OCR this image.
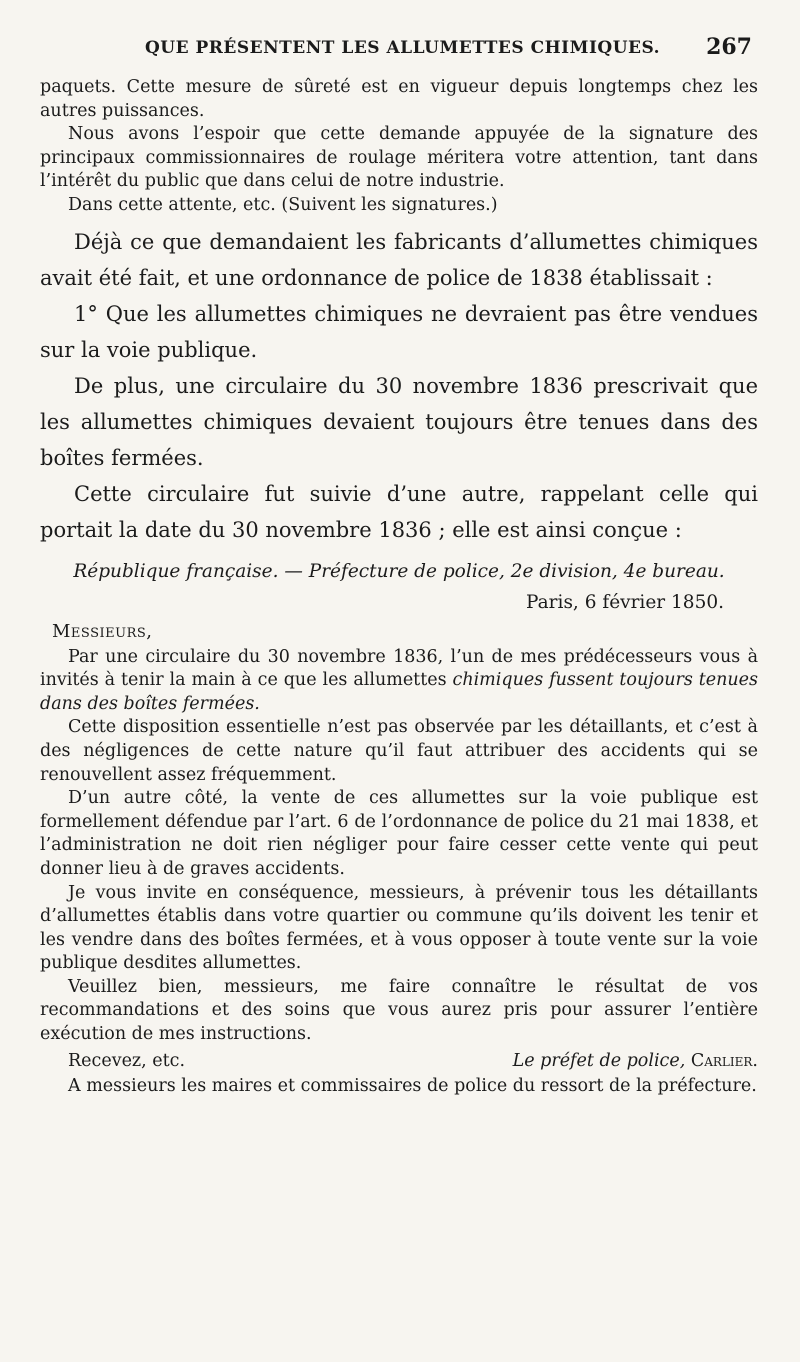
QUE PRÉSENTENT LES ALLUMETTES CHIMIQUES. 267

paquets. Cette mesure de sûreté est en vigueur depuis longtemps chez les autres puissances.

Nous avons l’espoir que cette demande appuyée de la signature des principaux commissionnaires de roulage méritera votre attention, tant dans l’intérêt du public que dans celui de notre industrie.

Dans cette attente, etc. (Suivent les signatures.)

Déjà ce que demandaient les fabricants d’allumettes chimiques avait été fait, et une ordonnance de police de 1838 établissait :

1° Que les allumettes chimiques ne devraient pas être vendues sur la voie publique.

De plus, une circulaire du 30 novembre 1836 prescrivait que les allumettes chimiques devaient toujours être tenues dans des boîtes fermées.

Cette circulaire fut suivie d’une autre, rappelant celle qui portait la date du 30 novembre 1836 ; elle est ainsi conçue :

République française. — Préfecture de police, 2e division, 4e bureau.

Paris, 6 février 1850.
Messieurs,

Par une circulaire du 30 novembre 1836, l’un de mes prédécesseurs vous à invités à tenir la main à ce que les allumettes chimiques fussent toujours tenues dans des boîtes fermées.

Cette disposition essentielle n’est pas observée par les détaillants, et c’est à des négligences de cette nature qu’il faut attribuer des accidents qui se renouvellent assez fréquemment.

D’un autre côté, la vente de ces allumettes sur la voie publique est formellement défendue par l’art. 6 de l’ordonnance de police du 21 mai 1838, et l’administration ne doit rien négliger pour faire cesser cette vente qui peut donner lieu à de graves accidents.

Je vous invite en conséquence, messieurs, à prévenir tous les détaillants d’allumettes établis dans votre quartier ou commune qu’ils doivent les tenir et les vendre dans des boîtes fermées, et à vous opposer à toute vente sur la voie publique desdites allumettes.

Veuillez bien, messieurs, me faire connaître le résultat de vos recommandations et des soins que vous aurez pris pour assurer l’entière exécution de mes instructions.

Recevez, etc.	Le préfet de police, Carlier.

A messieurs les maires et commissaires de police du ressort de la préfecture.
